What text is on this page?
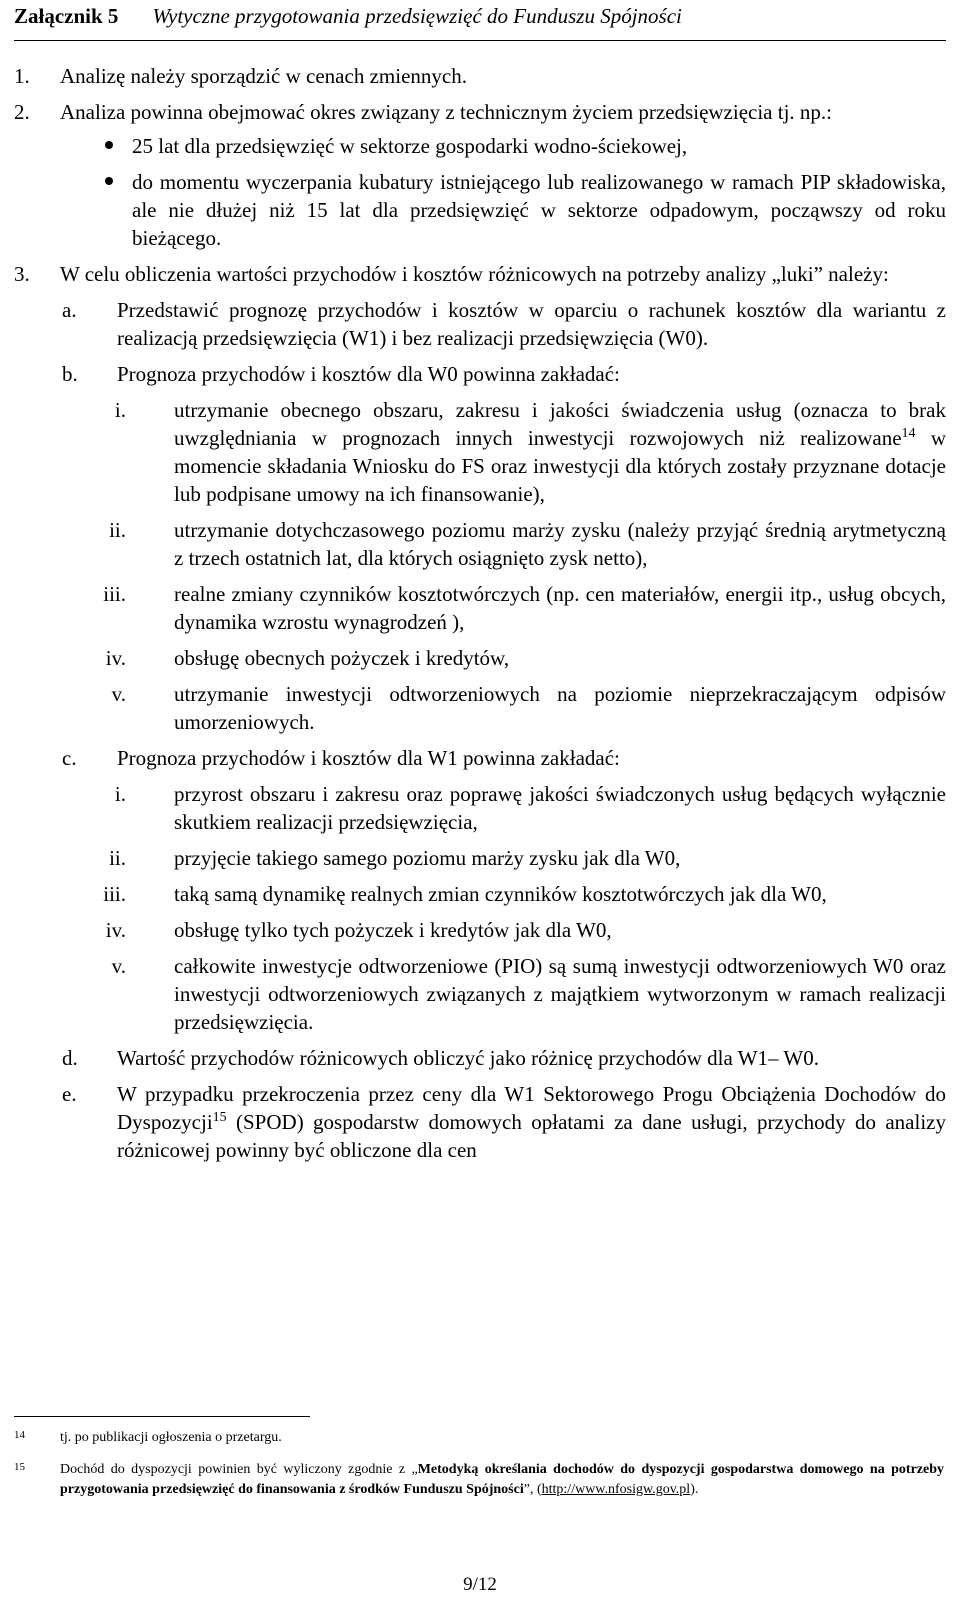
Załącznik 5 Wytyczne przygotowania przedsięwzięć do Funduszu Spójności
1.	Analizę należy sporządzić w cenach zmiennych.
2. Analiza powinna obejmować okres związany z technicznym życiem przedsięwzięcia tj. np.:
25 lat dla przedsięwzięć w sektorze gospodarki wodno-ściekowej,
do momentu wyczerpania kubatury istniejącego lub realizowanego w ramach PIP składowiska, ale nie dłużej niż 15 lat dla przedsięwzięć w sektorze odpadowym, począwszy od roku bieżącego.
3. W celu obliczenia wartości przychodów i kosztów różnicowych na potrzeby analizy „luki” należy:
a.	Przedstawić prognozę przychodów i kosztów w oparciu o rachunek kosztów dla wariantu z realizacją przedsięwzięcia (W1) i bez realizacji przedsięwzięcia (W0).
b.	Prognoza przychodów i kosztów dla W0 powinna zakładać:
i. utrzymanie obecnego obszaru, zakresu i jakości świadczenia usług (oznacza to brak uwzględniania w prognozach innych inwestycji rozwojowych niż realizowane$^{14}$ w momencie składania Wniosku do FS oraz inwestycji dla których zostały przyznane dotacje lub podpisane umowy na ich finansowanie),
ii. utrzymanie dotychczasowego poziomu marży zysku (należy przyjąć średnią arytmetyczną z trzech ostatnich lat, dla których osiągnięto zysk netto),
iii. realne zmiany czynników kosztotwórczych (np. cen materiałów, energii itp., usług obcych, dynamika wzrostu wynagrodzeń ),
iv. obsługę obecnych pożyczek i kredytów,
v. utrzymanie inwestycji odtworzeniowych na poziomie nieprzekraczającym odpisów umorzeniowych.
c.	Prognoza przychodów i kosztów dla W1 powinna zakładać:
i. przyrost obszaru i zakresu oraz poprawę jakości świadczonych usług będących wyłącznie skutkiem realizacji przedsięwzięcia,
ii. przyjęcie takiego samego poziomu marży zysku jak dla W0,
iii. taką samą dynamikę realnych zmian czynników kosztotwórczych jak dla W0,
iv. obsługę tylko tych pożyczek i kredytów jak dla W0,
v. całkowite inwestycje odtworzeniowe (PIO) są sumą inwestycji odtworzeniowych W0 oraz inwestycji odtworzeniowych związanych z majątkiem wytworzonym w ramach realizacji przedsięwzięcia.
d.	Wartość przychodów różnicowych obliczyć jako różnicę przychodów dla W1– W0.
e.	W przypadku przekroczenia przez ceny dla W1 Sektorowego Progu Obciążenia Dochodów do Dyspozycji$^{15}$ (SPOD) gospodarstw domowych opłatami za dane usługi, przychody do analizy różnicowej powinny być obliczone dla cen
14	tj. po publikacji ogłoszenia o przetargu.
15	Dochód do dyspozycji powinien być wyliczony zgodnie z „Metodyką określania dochodów do dyspozycji gospodarstwa domowego na potrzeby przygotowania przedsięwzięć do finansowania z środków Funduszu Spójności”, (http://www.nfosigw.gov.pl).
9/12
